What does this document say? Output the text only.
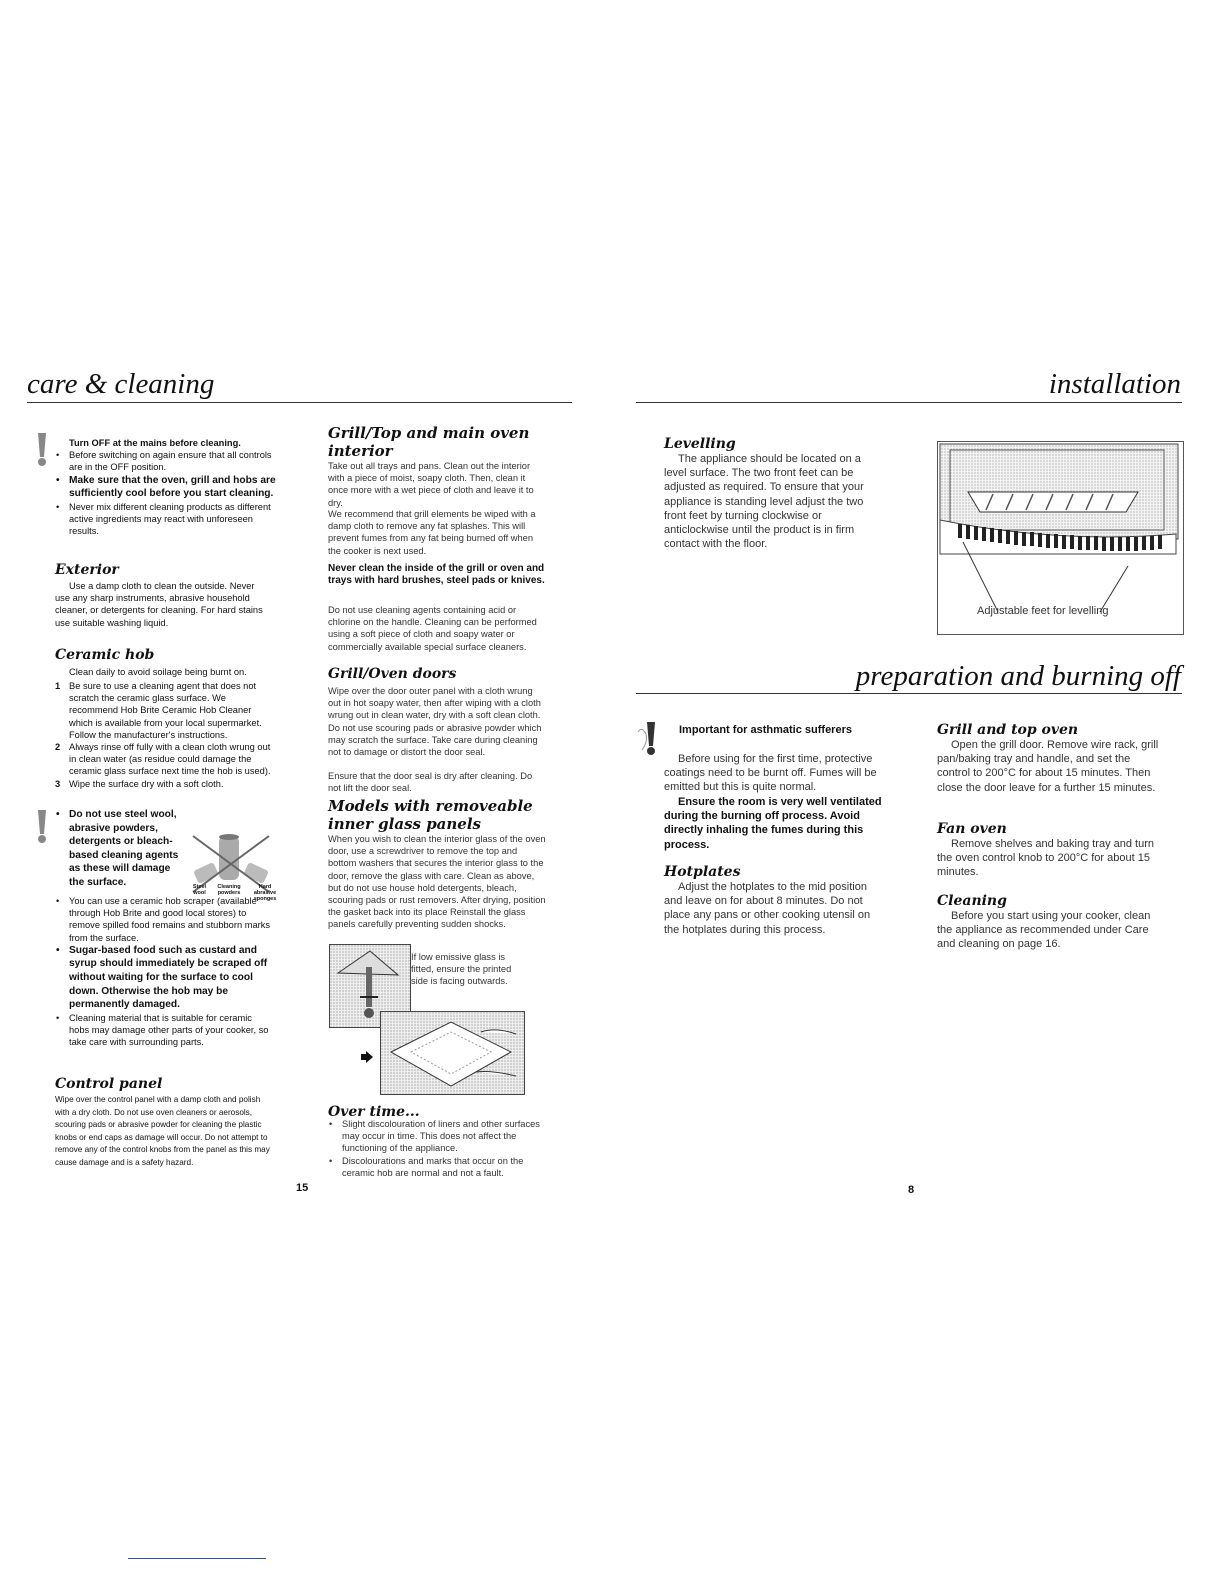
care & cleaning
Turn OFF at the mains before cleaning.
• Before switching on again ensure that all controls are in the OFF position.
• Make sure that the oven, grill and hobs are sufficiently cool before you start cleaning.
• Never mix different cleaning products as different active ingredients may react with unforeseen results.
Exterior
Use a damp cloth to clean the outside. Never use any sharp instruments, abrasive household cleaner, or detergents for cleaning. For hard stains use suitable washing liquid.
Ceramic hob
Clean daily to avoid soilage being burnt on.
1 Be sure to use a cleaning agent that does not scratch the ceramic glass surface. We recommend Hob Brite Ceramic Hob Cleaner which is available from your local supermarket. Follow the manufacturer's instructions.
2 Always rinse off fully with a clean cloth wrung out in clean water (as residue could damage the ceramic glass surface next time the hob is used).
3 Wipe the surface dry with a soft cloth.
• Do not use steel wool, abrasive powders, detergents or bleach-based cleaning agents as these will damage the surface.	Steel wool
Cleaning powders
Hard abrasive sponges
• You can use a ceramic hob scraper (available through Hob Brite and good local stores) to remove spilled food remains and stubborn marks from the surface.
• Sugar-based food such as custard and syrup should immediately be scraped off without waiting for the surface to cool down. Otherwise the hob may be permanently damaged.
• Cleaning material that is suitable for ceramic hobs may damage other parts of your cooker, so take care with surrounding parts.
Control panel
Wipe over the control panel with a damp cloth and polish with a dry cloth. Do not use oven cleaners or aerosols, scouring pads or abrasive powder for cleaning the plastic knobs or end caps as damage will occur. Do not attempt to remove any of the control knobs from the panel as this may cause damage and is a safety hazard.
15
Grill/Top and main oven interior
Take out all trays and pans. Clean out the interior with a piece of moist, soapy cloth. Then, clean it once more with a wet piece of cloth and leave it to dry.
We recommend that grill elements be wiped with a damp cloth to remove any fat splashes. This will prevent fumes from any fat being burned off when the cooker is next used.
Never clean the inside of the grill or oven and trays with hard brushes, steel pads or knives.
Do not use cleaning agents containing acid or chlorine on the handle. Cleaning can be performed using a soft piece of cloth and soapy water or commercially available special surface cleaners.
Grill/Oven doors
Wipe over the door outer panel with a cloth wrung out in hot soapy water, then after wiping with a cloth wrung out in clean water, dry with a soft clean cloth. Do not use scouring pads or abrasive powder which may scratch the surface. Take care during cleaning not to damage or distort the door seal.
Ensure that the door seal is dry after cleaning. Do not lift the door seal.
Models with removeable inner glass panels
When you wish to clean the interior glass of the oven door, use a screwdriver to remove the top and bottom washers that secures the interior glass to the door, remove the glass with care. Clean as above, but do not use house hold detergents, bleach, scouring pads or rust removers. After drying, position the gasket back into its place Reinstall the glass panels carefully preventing sudden shocks.
If low emissive glass is fitted, ensure the printed side is facing outwards.
Over time...
• Slight discolouration of liners and other surfaces may occur in time. This does not affect the functioning of the appliance.
• Discolourations and marks that occur on the ceramic hob are normal and not a fault.
installation
Levelling
The appliance should be located on a level surface. The two front feet can be adjusted as required. To ensure that your appliance is standing level adjust the two front feet by turning clockwise or anticlockwise until the product is in firm contact with the floor.
Adjustable feet for levelling
preparation and burning off
Important for asthmatic sufferers
Before using for the first time, protective coatings need to be burnt off. Fumes will be emitted but this is quite normal.
Ensure the room is very well ventilated during the burning off process. Avoid directly inhaling the fumes during this process.
Hotplates
Adjust the hotplates to the mid position and leave on for about 8 minutes. Do not place any pans or other cooking utensil on the hotplates during this process.
Grill and top oven
Open the grill door. Remove wire rack, grill pan/baking tray and handle, and set the control to 200°C for about 15 minutes. Then close the door leave for a further 15 minutes.
Fan oven
Remove shelves and baking tray and turn the oven control knob to 200°C for about 15 minutes.
Cleaning
Before you start using your cooker, clean the appliance as recommended under Care and cleaning on page 16.
8
